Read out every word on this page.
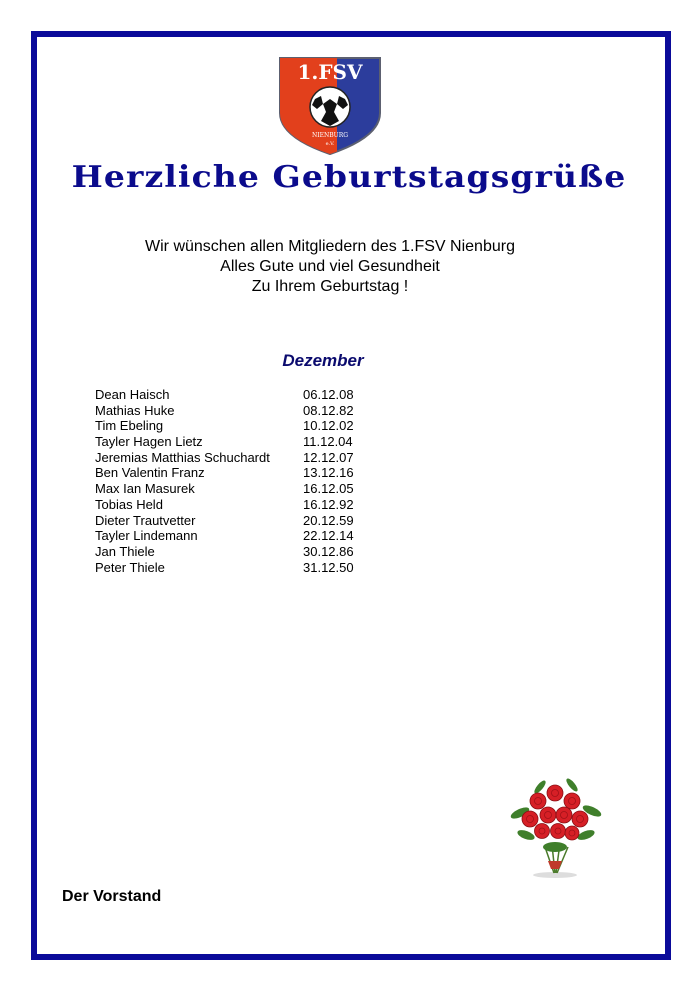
1.FSV
NIENBURG
e.V.
Herzliche Geburtstagsgrüße
Wir wünschen allen Mitgliedern des 1.FSV Nienburg
Alles Gute und viel Gesundheit
Zu Ihrem Geburtstag !
Dezember
Dean Haisch	06.12.08
Mathias Huke	08.12.82
Tim Ebeling	10.12.02
Tayler Hagen Lietz	11.12.04
Jeremias Matthias Schuchardt	12.12.07
Ben Valentin Franz	13.12.16
Max Ian Masurek	16.12.05
Tobias Held	16.12.92
Dieter Trautvetter	20.12.59
Tayler Lindemann	22.12.14
Jan Thiele	30.12.86
Peter Thiele	31.12.50
Der Vorstand
